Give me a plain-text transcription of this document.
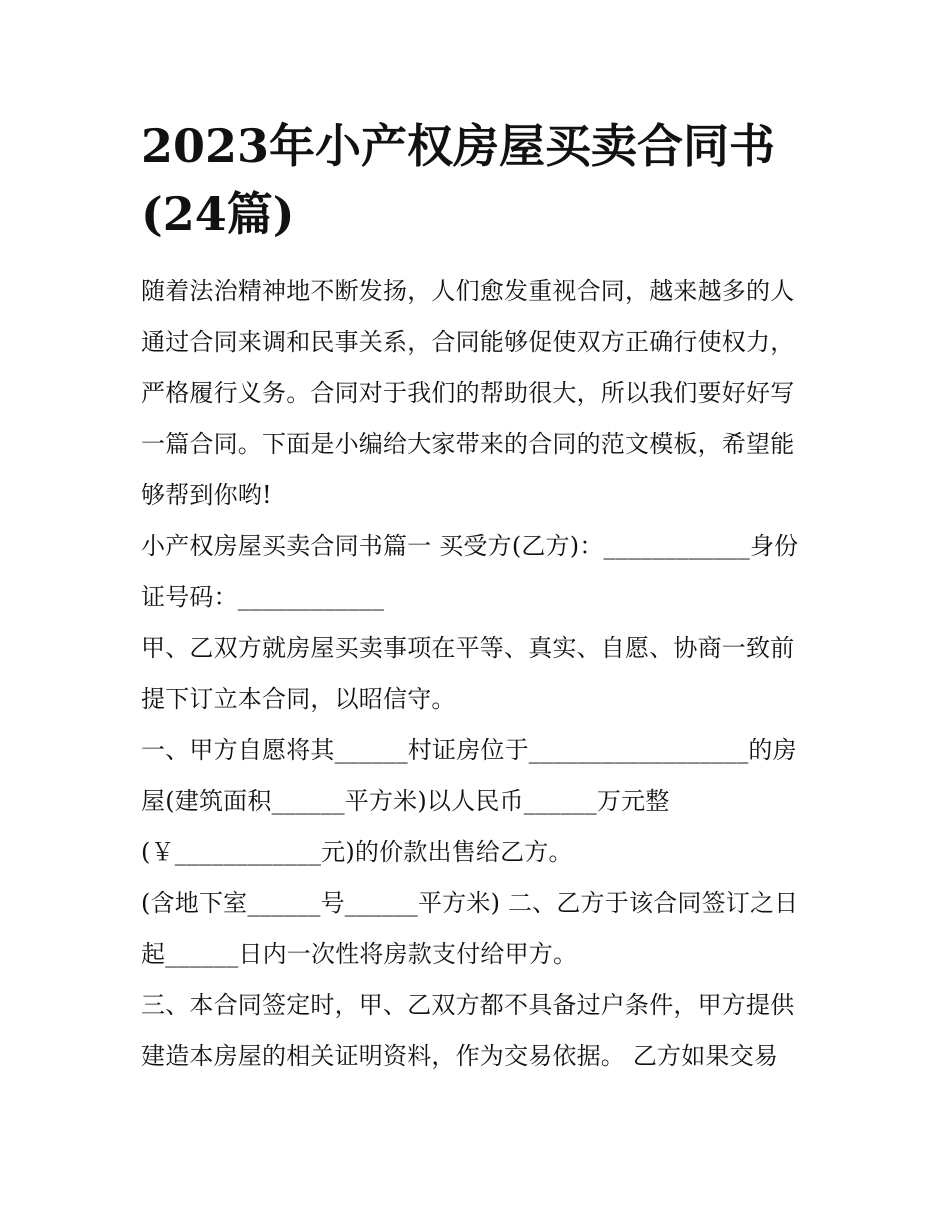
2023年小产权房屋买卖合同书
(24篇)
随着法治精神地不断发扬，人们愈发重视合同，越来越多的人
通过合同来调和民事关系，合同能够促使双方正确行使权力，
严格履行义务。合同对于我们的帮助很大，所以我们要好好写
一篇合同。下面是小编给大家带来的合同的范文模板，希望能
够帮到你哟!
小产权房屋买卖合同书篇一 买受方(乙方)：____________身份
证号码：____________
甲、乙双方就房屋买卖事项在平等、真实、自愿、协商一致前
提下订立本合同，以昭信守。
一、甲方自愿将其______村证房位于__________________的房
屋(建筑面积______平方米)以人民币______万元整
(￥____________元)的价款出售给乙方。
(含地下室______号______平方米) 二、乙方于该合同签订之日
起______日内一次性将房款支付给甲方。
三、本合同签定时，甲、乙双方都不具备过户条件，甲方提供
建造本房屋的相关证明资料，作为交易依据。 乙方如果交易
